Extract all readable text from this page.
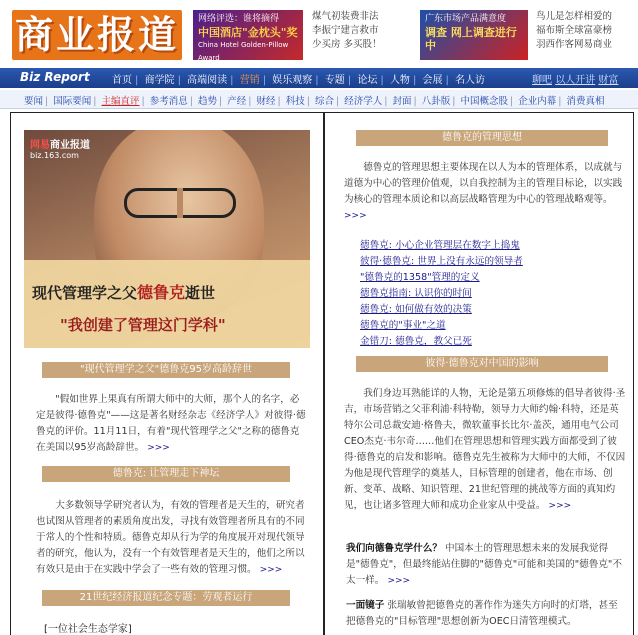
商业报道	网络评选：谁将摘得
中国酒店"金枕头"奖
China Hotel Golden-Pillow Award
煤气初装费非法
李振宁建言救市
少买房 多买股！
广东市场产品满意度
调查 网上调查进行中
鸟儿是怎样相爱的
福布斯全球富豪榜
羽西作客网易商业
Biz Report 首页 | 商学院 | 高端阅读 | 营销 | 娱乐观察 | 专题 | 论坛 | 人物 | 会展 | 名人访	聊吧 以人开讲 财富
要闻 | 国际要闻 | 主编直评 | 参考消息 | 趋势 | 产经 | 财经 | 科技 | 综合 | 经济学人 | 封面 | 八卦版 | 中国概念股 | 企业内幕 | 消费真相
网易商业报道
biz.163.com
现代管理学之父德鲁克逝世
"我创建了管理这门学科"
"现代管理学之父"德鲁克95岁高龄辞世
"假如世界上果真有所谓大师中的大师，那个人的名字，必定是彼得·德鲁克"——这是著名财经杂志《经济学人》对彼得·德鲁克的评价。11月11日，有着"现代管理学之父"之称的德鲁克在美国以95岁高龄辞世。 >>>
德鲁克: 让管理走下神坛
大多数领导学研究者认为，有效的管理者是天生的，研究者也试图从管理者的素质角度出发，寻找有效管理者所具有的不同于常人的个性和特质。德鲁克却从行为学的角度展开对现代领导者的研究，他认为，没有一个有效管理者是天生的，他们之所以有效只是由于在实践中学会了一些有效的管理习惯。 >>>
21世纪经济报道纪念专题：劳观者运行
[一位社会生态学家]
德鲁克的管理思想
德鲁克的管理思想主要体现在以人为本的管理体系，以成就与道德为中心的管理价值观，以自我控制为主的管理目标论，以实践为核心的管理本质论和以高层战略管理为中心的管理战略观等。 >>>
德鲁克: 小心企业管理层在数字上捣鬼
彼得·德鲁克: 世界上没有永远的领导者
"德鲁克的1358"管理的定义
德鲁克指南: 认识你的时间
德鲁克: 如何做有效的决策
德鲁克的"事业"之道
金错刀: 德鲁克，教父已死
彼得·德鲁克对中国的影响
我们身边耳熟能详的人物，无论是第五项修炼的倡导者彼得·圣吉，市场营销之父菲利浦·科特勒，领导力大师约翰·科特，还是英特尔公司总裁安迪·格鲁夫，微软董事长比尔·盖茨，通用电气公司CEO杰克·韦尔奇……他们在管理思想和管理实践方面都受到了彼得·德鲁克的启发和影响。德鲁克先生被称为大师中的大师，不仅因为他是现代管理学的奠基人，目标管理的创建者，他在市场、创新、变革、战略、知识管理、21世纪管理的挑战等方面的真知灼见，也让诸多管理大师和成功企业家从中受益。 >>>
我们向德鲁克学什么？ 中国本土的管理思想未来的发展我觉得是"德鲁克"，但最终能站住脚的"德鲁克"可能和美国的"德鲁克"不太一样。 >>>
一面镜子 张瑞敏曾把德鲁克的著作作为迷失方向时的灯塔，甚至把德鲁克的"目标管理"思想创新为OEC日清管理模式。
